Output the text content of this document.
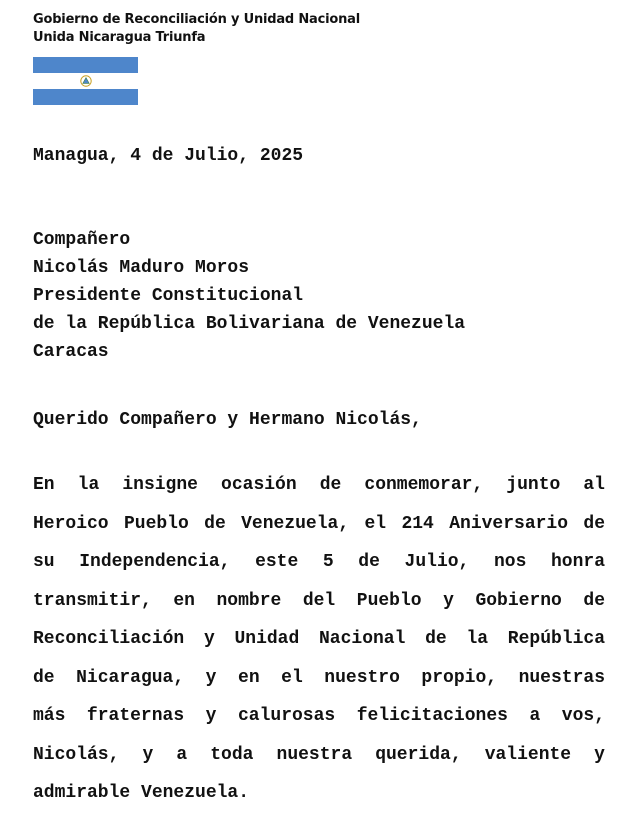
Gobierno de Reconciliación y Unidad Nacional
Unida Nicaragua Triunfa
Managua, 4 de Julio, 2025
Compañero
Nicolás Maduro Moros
Presidente Constitucional
de la República Bolivariana de Venezuela
Caracas
Querido Compañero y Hermano Nicolás,
En la insigne ocasión de conmemorar, junto al
Heroico Pueblo de Venezuela, el 214 Aniversario de
su Independencia, este 5 de Julio, nos honra
transmitir, en nombre del Pueblo y Gobierno de
Reconciliación y Unidad Nacional de la República
de Nicaragua, y en el nuestro propio, nuestras
más fraternas y calurosas felicitaciones a vos,
Nicolás, y a toda nuestra querida, valiente y
admirable Venezuela.
